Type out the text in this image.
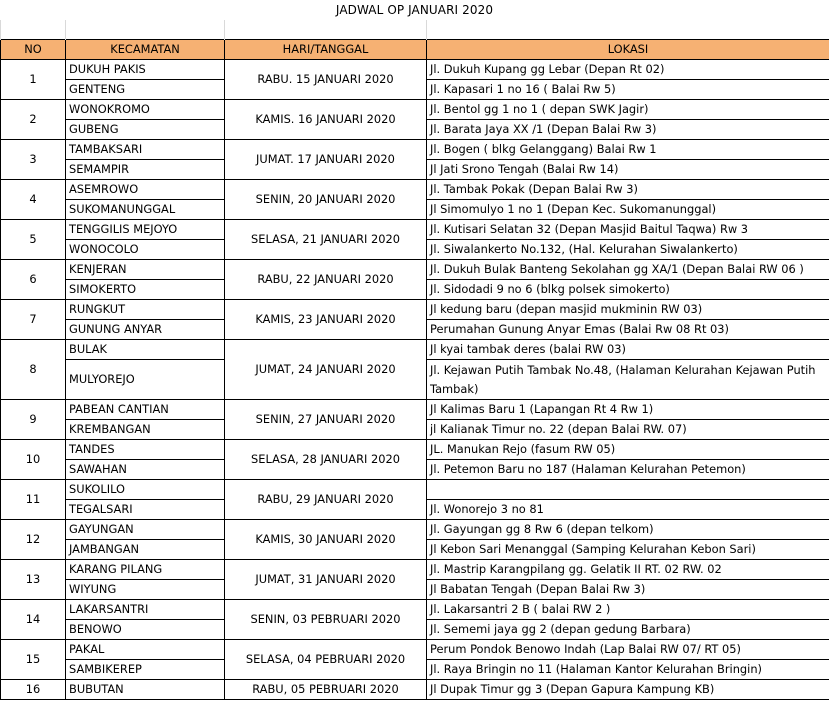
JADWAL OP JANUARI 2020

NO	KECAMATAN	HARI/TANGGAL	LOKASI
1	DUKUH PAKIS	RABU. 15 JANUARI 2020	Jl. Dukuh Kupang gg Lebar (Depan Rt 02)
	GENTENG		Jl. Kapasari 1 no 16 ( Balai Rw 5)
2	WONOKROMO	KAMIS. 16 JANUARI 2020	Jl. Bentol gg 1 no 1 ( depan SWK Jagir)
	GUBENG		Jl. Barata Jaya XX /1 (Depan Balai Rw 3)
3	TAMBAKSARI	JUMAT. 17 JANUARI 2020	Jl. Bogen ( blkg Gelanggang) Balai Rw 1
	SEMAMPIR		Jl Jati Srono Tengah (Balai Rw 14)
4	ASEMROWO	SENIN, 20 JANUARI 2020	Jl. Tambak Pokak (Depan Balai Rw 3)
	SUKOMANUNGGAL		Jl Simomulyo 1 no 1 (Depan Kec. Sukomanunggal)
5	TENGGILIS MEJOYO	SELASA, 21 JANUARI 2020	Jl. Kutisari Selatan 32 (Depan Masjid Baitul Taqwa) Rw 3
	WONOCOLO		Jl. Siwalankerto No.132, (Hal. Kelurahan Siwalankerto)
6	KENJERAN	RABU, 22 JANUARI 2020	Jl. Dukuh Bulak Banteng Sekolahan gg XA/1 (Depan Balai RW 06 )
	SIMOKERTO		Jl. Sidodadi 9 no 6 (blkg polsek simokerto)
7	RUNGKUT	KAMIS, 23 JANUARI 2020	Jl kedung baru (depan masjid mukminin RW 03)
	GUNUNG ANYAR		Perumahan Gunung Anyar Emas (Balai Rw 08 Rt 03)
8	BULAK	JUMAT, 24 JANUARI 2020	Jl kyai tambak deres (balai RW 03)
	MULYOREJO		Jl. Kejawan Putih Tambak No.48, (Halaman Kelurahan Kejawan Putih Tambak)
9	PABEAN CANTIAN	SENIN, 27 JANUARI 2020	Jl Kalimas Baru 1 (Lapangan Rt 4 Rw 1)
	KREMBANGAN		jl Kalianak Timur no. 22 (depan Balai RW. 07)
10	TANDES	SELASA, 28 JANUARI 2020	JL. Manukan Rejo (fasum RW 05)
	SAWAHAN		Jl. Petemon Baru no 187 (Halaman Kelurahan Petemon)
11	SUKOLILO	RABU, 29 JANUARI 2020	
	TEGALSARI		Jl. Wonorejo 3 no 81
12	GAYUNGAN	KAMIS, 30 JANUARI 2020	Jl. Gayungan gg 8 Rw 6 (depan telkom)
	JAMBANGAN		Jl Kebon Sari Menanggal (Samping Kelurahan Kebon Sari)
13	KARANG PILANG	JUMAT, 31 JANUARI 2020	Jl. Mastrip Karangpilang gg. Gelatik II RT. 02 RW. 02
	WIYUNG		Jl Babatan Tengah (Depan Balai Rw 3)
14	LAKARSANTRI	SENIN, 03 PEBRUARI 2020	Jl. Lakarsantri 2 B ( balai RW 2 )
	BENOWO		Jl. Sememi jaya gg 2 (depan gedung Barbara)
15	PAKAL	SELASA, 04 PEBRUARI 2020	Perum Pondok Benowo Indah (Lap Balai RW 07/ RT 05)
	SAMBIKEREP		Jl. Raya Bringin no 11 (Halaman Kantor Kelurahan Bringin)
16	BUBUTAN	RABU, 05 PEBRUARI 2020	Jl Dupak Timur gg 3 (Depan Gapura Kampung KB)
